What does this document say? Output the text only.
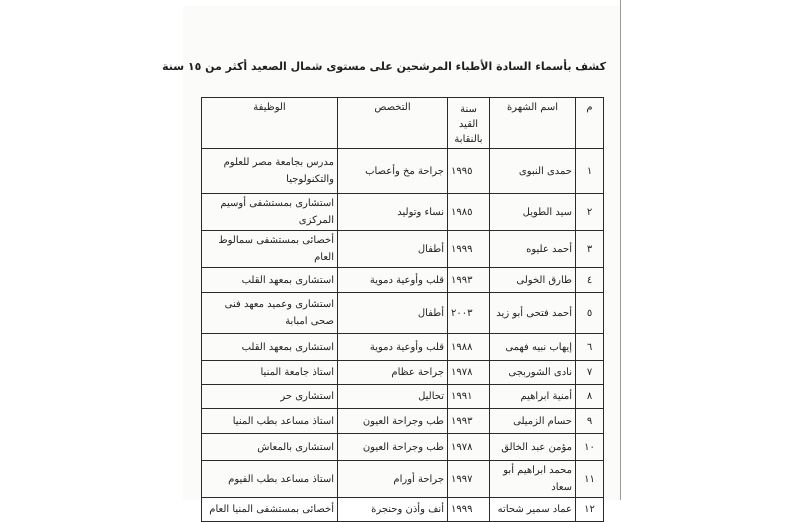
كشف بأسماء السادة الأطباء المرشحين على مستوى شمال الصعيد أكثر من ١٥ سنة
م	اسم الشهرة	سنة القيد بالنقابة	التخصص	الوظيفة
١	حمدى النبوى	١٩٩٥	جراحة مخ وأعصاب	مدرس بجامعة مصر للعلوم والتكنولوجيا
٢	سيد الطويل	١٩٨٥	نساء وتوليد	استشارى بمستشفى أوسيم المركزى
٣	أحمد عليوه	١٩٩٩	أطفال	أخصائى بمستشفى سمالوط العام
٤	طارق الخولى	١٩٩٣	قلب وأوعية دموية	استشارى بمعهد القلب
٥	أحمد فتحى أبو زيد	٢٠٠٣	أطفال	استشارى وعميد معهد فنى صحى امبابة
٦	إيهاب نبيه فهمى	١٩٨٨	قلب وأوعية دموية	استشارى بمعهد القلب
٧	نادى الشوربجى	١٩٧٨	جراحة عظام	استاذ جامعة المنيا
٨	أمنية ابراهيم	١٩٩١	تحاليل	استشارى حر
٩	حسام الزميلى	١٩٩٣	طب وجراحة العيون	استاذ مساعد بطب المنيا
١٠	مؤمن عبد الخالق	١٩٧٨	طب وجراحة العيون	استشارى بالمعاش
١١	محمد ابراهيم أبو سعاد	١٩٩٧	جراحة أورام	استاذ مساعد بطب الفيوم
١٢	عماد سمير شحاته	١٩٩٩	أنف وأذن وحنجرة	أخصائى بمستشفى المنيا العام
